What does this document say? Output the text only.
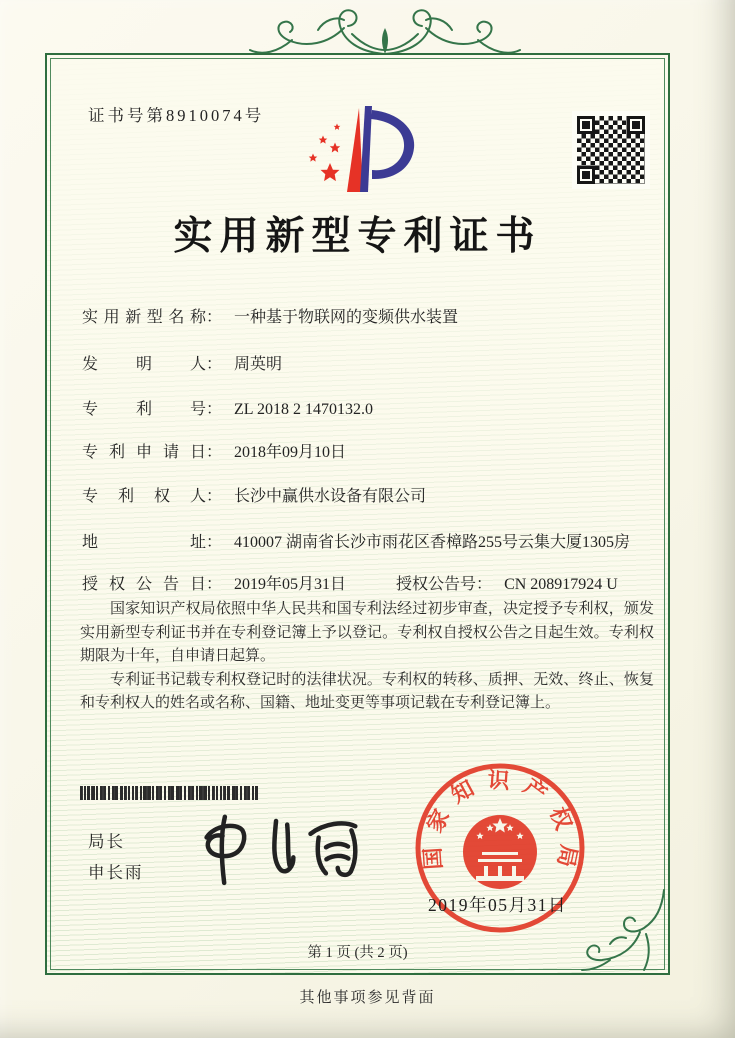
证书号第8910074号
实用新型专利证书
实用新型名称： 一种基于物联网的变频供水装置
发明人： 周英明
专利号： ZL 2018 2 1470132.0
专利申请日： 2018年09月10日
专利权人： 长沙中赢供水设备有限公司
地址： 410007 湖南省长沙市雨花区香樟路255号云集大厦1305房
授权公告日： 2019年05月31日	授权公告号： CN 208917924 U

国家知识产权局依照中华人民共和国专利法经过初步审查，决定授予专利权，颁发实用新型专利证书并在专利登记簿上予以登记。专利权自授权公告之日起生效。专利权期限为十年，自申请日起算。

专利证书记载专利权登记时的法律状况。专利权的转移、质押、无效、终止、恢复和专利权人的姓名或名称、国籍、地址变更等事项记载在专利登记簿上。

局长
申长雨
国家知识产权局
2019年05月31日
第 1 页 (共 2 页)
其他事项参见背面
